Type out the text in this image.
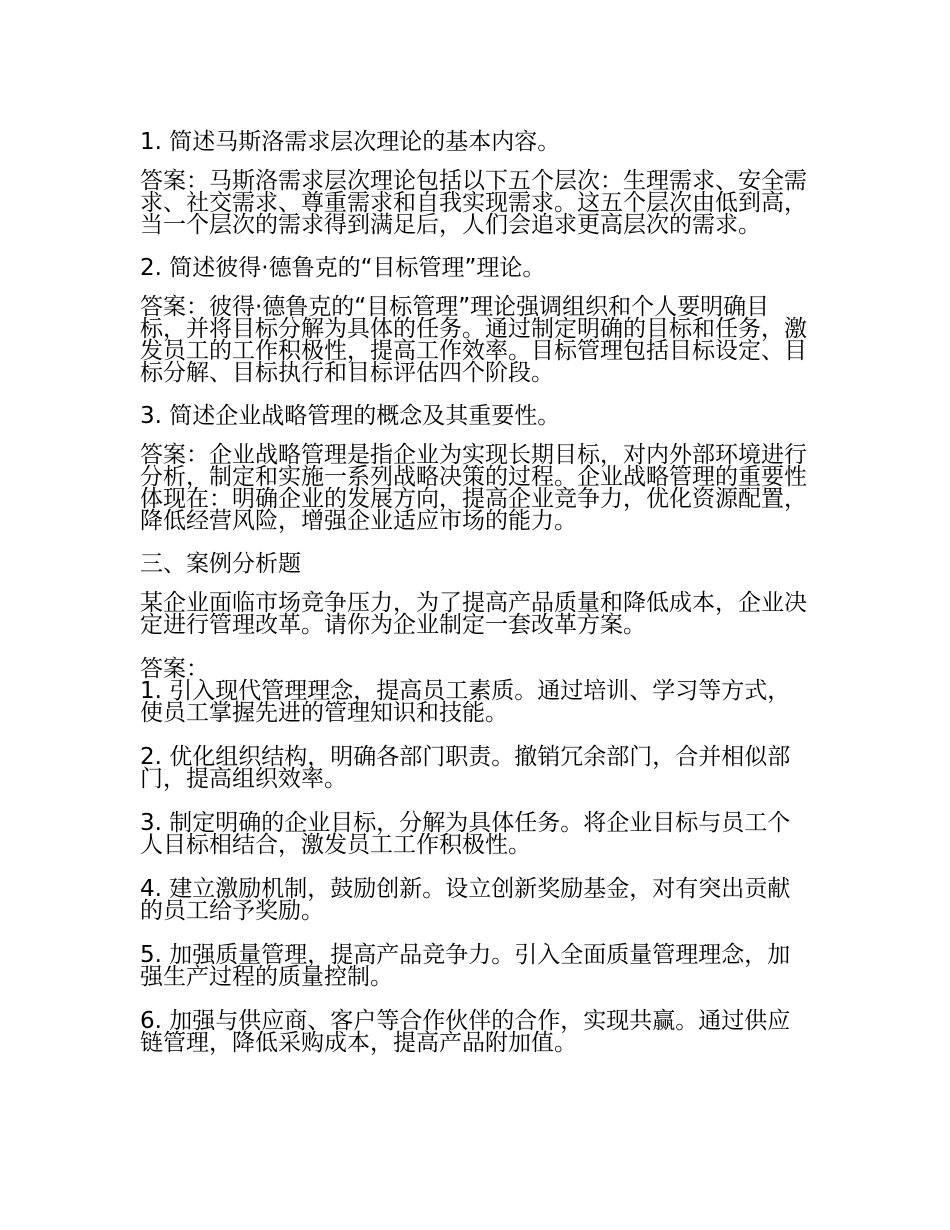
1. 简述马斯洛需求层次理论的基本内容。

答案：马斯洛需求层次理论包括以下五个层次：生理需求、安全需求、社交需求、尊重需求和自我实现需求。这五个层次由低到高，当一个层次的需求得到满足后，人们会追求更高层次的需求。

2. 简述彼得·德鲁克的“目标管理”理论。

答案：彼得·德鲁克的“目标管理”理论强调组织和个人要明确目标，并将目标分解为具体的任务。通过制定明确的目标和任务，激发员工的工作积极性，提高工作效率。目标管理包括目标设定、目标分解、目标执行和目标评估四个阶段。

3. 简述企业战略管理的概念及其重要性。

答案：企业战略管理是指企业为实现长期目标，对内外部环境进行分析，制定和实施一系列战略决策的过程。企业战略管理的重要性体现在：明确企业的发展方向，提高企业竞争力，优化资源配置，降低经营风险，增强企业适应市场的能力。

三、案例分析题

某企业面临市场竞争压力，为了提高产品质量和降低成本，企业决定进行管理改革。请你为企业制定一套改革方案。

答案：

1. 引入现代管理理念，提高员工素质。通过培训、学习等方式，使员工掌握先进的管理知识和技能。

2. 优化组织结构，明确各部门职责。撤销冗余部门，合并相似部门，提高组织效率。

3. 制定明确的企业目标，分解为具体任务。将企业目标与员工个人目标相结合，激发员工工作积极性。

4. 建立激励机制，鼓励创新。设立创新奖励基金，对有突出贡献的员工给予奖励。

5. 加强质量管理，提高产品竞争力。引入全面质量管理理念，加强生产过程的质量控制。

6. 加强与供应商、客户等合作伙伴的合作，实现共赢。通过供应链管理，降低采购成本，提高产品附加值。
